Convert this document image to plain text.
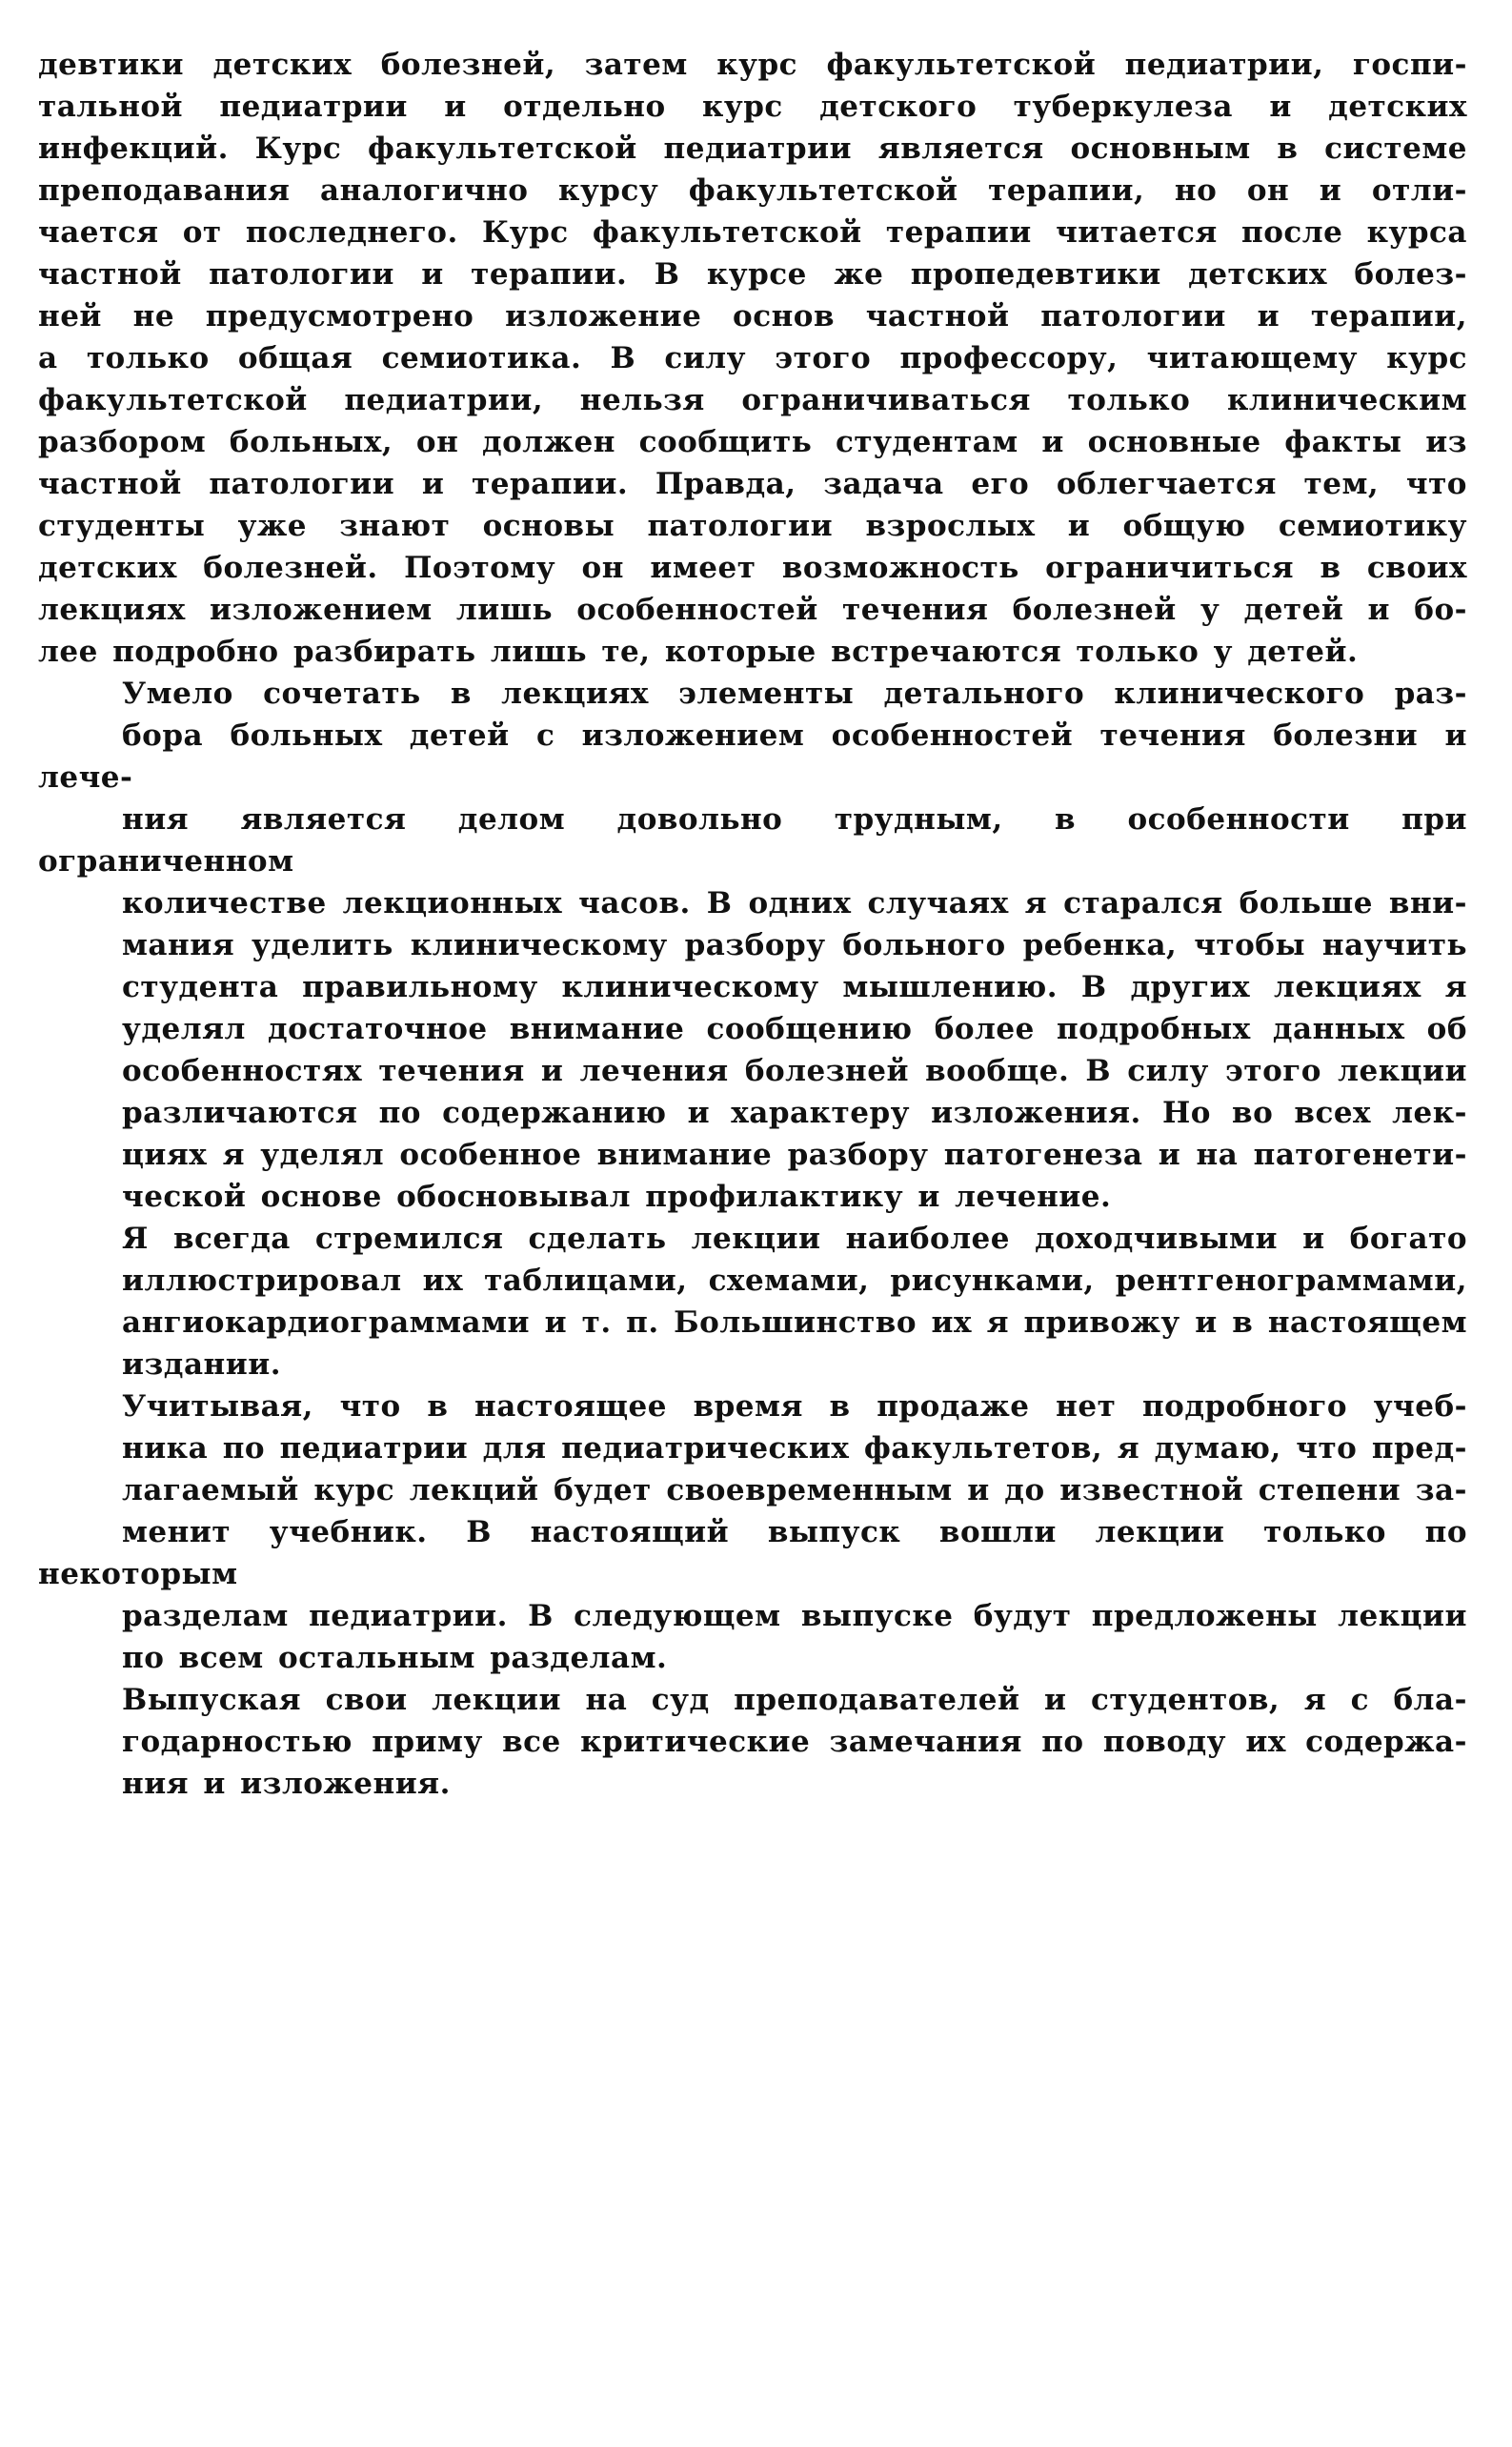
девтики детских болезней, затем курс факультетской педиатрии, госпи-
тальной педиатрии и отдельно курс детского туберкулеза и детских
инфекций. Курс факультетской педиатрии является основным в системе
преподавания аналогично курсу факультетской терапии, но он и отли-
чается от последнего. Курс факультетской терапии читается после курса
частной патологии и терапии. В курсе же пропедевтики детских болез-
ней не предусмотрено изложение основ частной патологии и терапии,
а только общая семиотика. В силу этого профессору, читающему курс
факультетской педиатрии, нельзя ограничиваться только клиническим
разбором больных, он должен сообщить студентам и основные факты из
частной патологии и терапии. Правда, задача его облегчается тем, что
студенты уже знают основы патологии взрослых и общую семиотику
детских болезней. Поэтому он имеет возможность ограничиться в своих
лекциях изложением лишь особенностей течения болезней у детей и бо-
лее подробно разбирать лишь те, которые встречаются только у детей.
Умело сочетать в лекциях элементы детального клинического раз-
бора больных детей с изложением особенностей течения болезни и лече-
ния является делом довольно трудным, в особенности при ограниченном
количестве лекционных часов. В одних случаях я старался больше вни-
мания уделить клиническому разбору больного ребенка, чтобы научить
студента правильному клиническому мышлению. В других лекциях я
уделял достаточное внимание сообщению более подробных данных об
особенностях течения и лечения болезней вообще. В силу этого лекции
различаются по содержанию и характеру изложения. Но во всех лек-
циях я уделял особенное внимание разбору патогенеза и на патогенети-
ческой основе обосновывал профилактику и лечение.
Я всегда стремился сделать лекции наиболее доходчивыми и богато
иллюстрировал их таблицами, схемами, рисунками, рентгенограммами,
ангиокардиограммами и т. п. Большинство их я привожу и в настоящем
издании.
Учитывая, что в настоящее время в продаже нет подробного учеб-
ника по педиатрии для педиатрических факультетов, я думаю, что пред-
лагаемый курс лекций будет своевременным и до известной степени за-
менит учебник. В настоящий выпуск вошли лекции только по некоторым
разделам педиатрии. В следующем выпуске будут предложены лекции
по всем остальным разделам.
Выпуская свои лекции на суд преподавателей и студентов, я с бла-
годарностью приму все критические замечания по поводу их содержа-
ния и изложения.
